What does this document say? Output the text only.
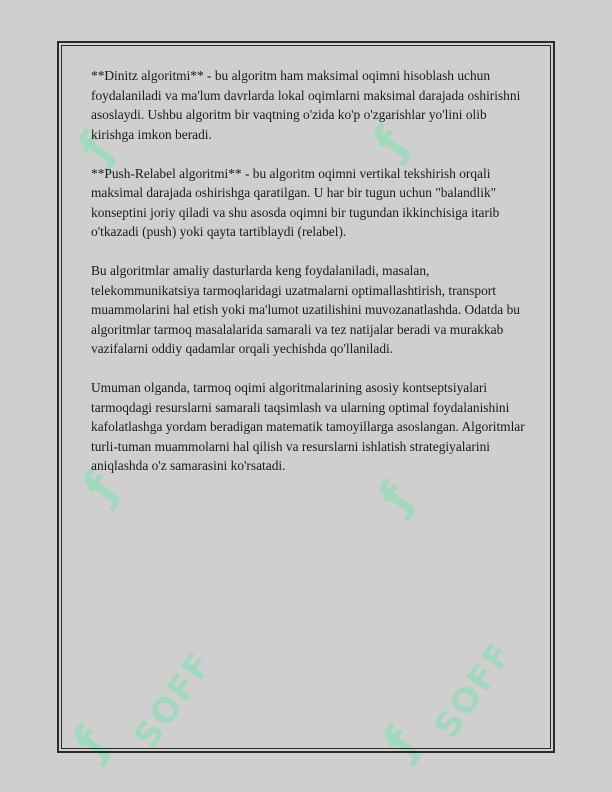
ƒ	ƒ
ƒ	ƒ
SOFF	SOFF
ƒ	ƒ

**Dinitz algoritmi** - bu algoritm ham maksimal oqimni hisoblash uchun foydalaniladi va ma'lum davrlarda lokal oqimlarni maksimal darajada oshirishni asoslaydi. Ushbu algoritm bir vaqtning o'zida ko'p o'zgarishlar yo'lini olib kirishga imkon beradi.

**Push-Relabel algoritmi** - bu algoritm oqimni vertikal tekshirish orqali maksimal darajada oshirishga qaratilgan. U har bir tugun uchun "balandlik" konseptini joriy qiladi va shu asosda oqimni bir tugundan ikkinchisiga itarib o'tkazadi (push) yoki qayta tartiblaydi (relabel).

Bu algoritmlar amaliy dasturlarda keng foydalaniladi, masalan, telekommunikatsiya tarmoqlaridagi uzatmalarni optimallashtirish, transport muammolarini hal etish yoki ma'lumot uzatilishini muvozanatlashda. Odatda bu algoritmlar tarmoq masalalarida samarali va tez natijalar beradi va murakkab vazifalarni oddiy qadamlar orqali yechishda qo'llaniladi.

Umuman olganda, tarmoq oqimi algoritmalarining asosiy kontseptsiyalari tarmoqdagi resurslarni samarali taqsimlash va ularning optimal foydalanishini kafolatlashga yordam beradigan matematik tamoyillarga asoslangan. Algoritmlar turli-tuman muammolarni hal qilish va resurslarni ishlatish strategiyalarini aniqlashda o'z samarasini ko'rsatadi.
